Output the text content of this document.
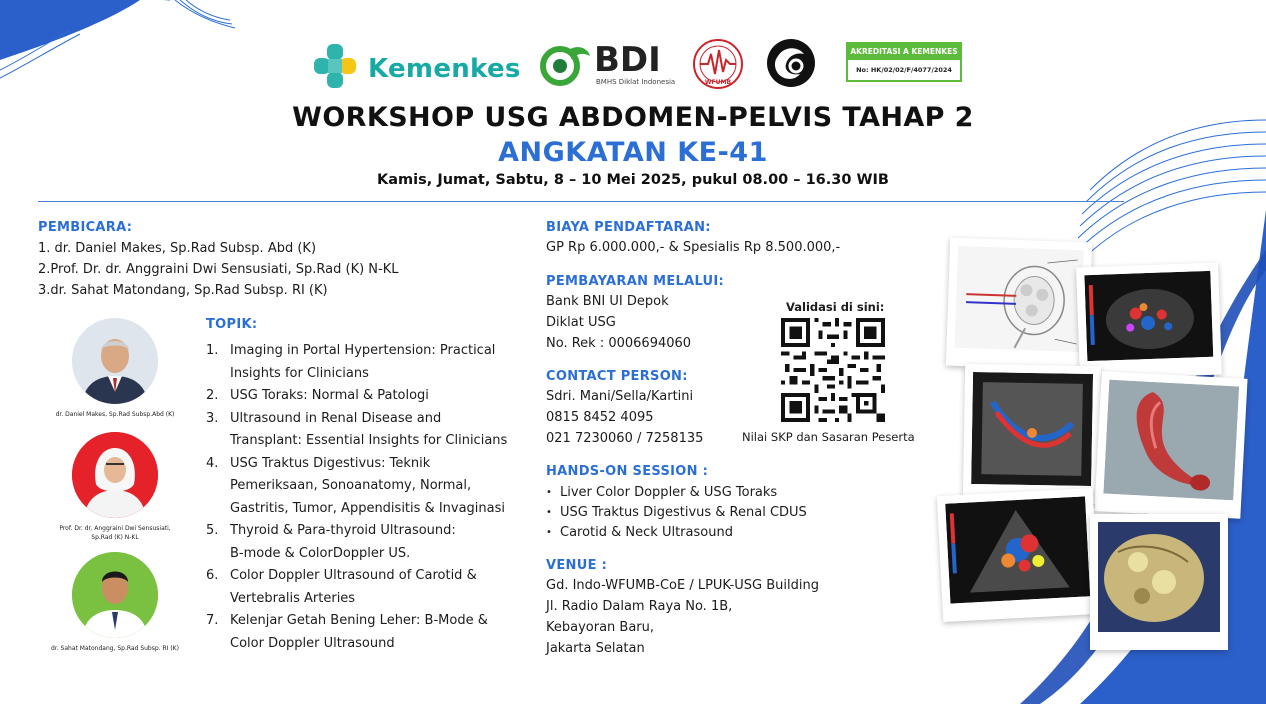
Kemenkes BDI
BMHS Diklat Indonesia	WFUMB
AKREDITASI A KEMENKES
No: HK/02/02/F/4077/2024
WORKSHOP USG ABDOMEN-PELVIS TAHAP 2
ANGKATAN KE-41
Kamis, Jumat, Sabtu, 8 – 10 Mei 2025, pukul 08.00 – 16.30 WIB
PEMBICARA:
1. dr. Daniel Makes, Sp.Rad Subsp. Abd (K)
2.Prof. Dr. dr. Anggraini Dwi Sensusiati, Sp.Rad (K) N-KL
3.dr. Sahat Matondang, Sp.Rad Subsp. RI (K)
dr. Daniel Makes, Sp.Rad Subsp.Abd (K)
Prof. Dr. dr. Anggraini Dwi Sensusiati,
Sp.Rad (K) N-KL
dr. Sahat Matondang, Sp.Rad Subsp. RI (K)
TOPIK:
1. Imaging in Portal Hypertension: Practical
Insights for Clinicians
2. USG Toraks: Normal & Patologi
3. Ultrasound in Renal Disease and
Transplant: Essential Insights for Clinicians
4. USG Traktus Digestivus: Teknik
Pemeriksaan, Sonoanatomy, Normal,
Gastritis, Tumor, Appendisitis & Invaginasi
5. Thyroid & Para-thyroid Ultrasound:
B-mode & ColorDoppler US.
6. Color Doppler Ultrasound of Carotid &
Vertebralis Arteries
7. Kelenjar Getah Bening Leher: B-Mode &
Color Doppler Ultrasound
BIAYA PENDAFTARAN:
GP Rp 6.000.000,- & Spesialis Rp 8.500.000,-
PEMBAYARAN MELALUI:
Bank BNI UI Depok
Diklat USG
No. Rek : 0006694060
CONTACT PERSON:
Sdri. Mani/Sella/Kartini
0815 8452 4095
021 7230060 / 7258135
HANDS-ON SESSION :
• Liver Color Doppler & USG Toraks
• USG Traktus Digestivus & Renal CDUS
• Carotid & Neck Ultrasound
VENUE :
Gd. Indo-WFUMB-CoE / LPUK-USG Building
Jl. Radio Dalam Raya No. 1B,
Kebayoran Baru,
Jakarta Selatan
Validasi di sini:
Nilai SKP dan Sasaran Peserta
